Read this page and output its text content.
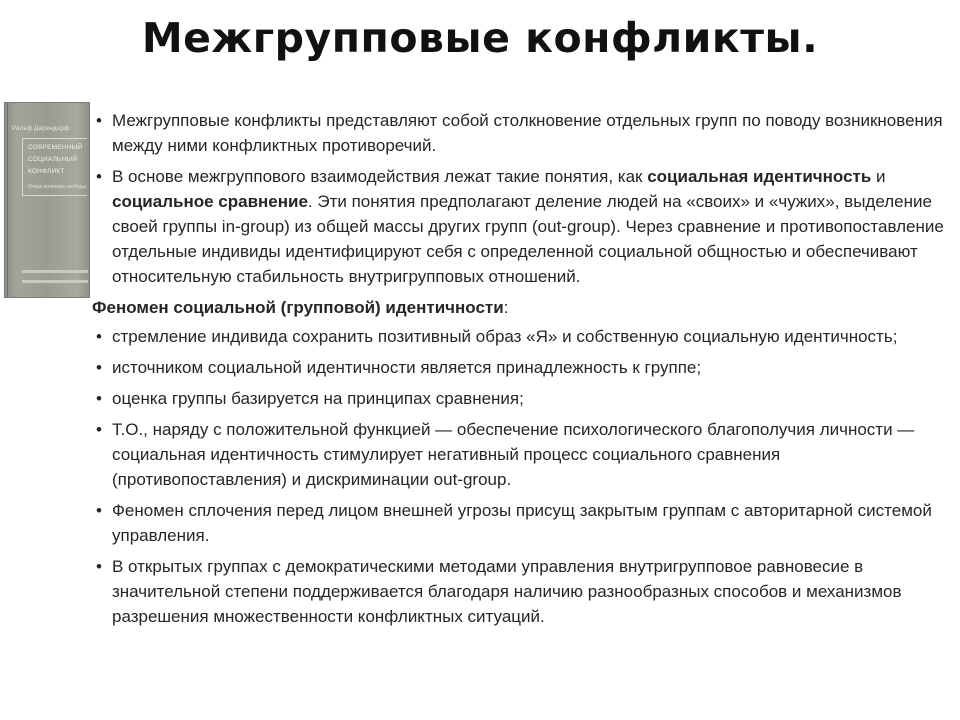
Межгрупповые конфликты.
Ральф Дарендорф
СОВРЕМЕННЫЙ
СОЦИАЛЬНЫЙ
КОНФЛИКТ
Очерк политики свободы

• Межгрупповые конфликты представляют собой столкновение отдельных групп по поводу возникновения между ними конфликтных противоречий.

• В основе межгруппового взаимодействия лежат такие понятия, как социальная идентичность и социальное сравнение. Эти понятия предполагают деление людей на «своих» и «чужих», выделение своей группы in-group) из общей массы других групп (out-group). Через сравнение и противопоставление отдельные индивиды идентифицируют себя с определенной социальной общностью и обеспечивают относительную стабильность внутригрупповых отношений.

Феномен социальной (групповой) идентичности:

• стремление индивида сохранить позитивный образ «Я» и собственную социальную идентичность;

• источником социальной идентичности является принадлежность к группе;

• оценка группы базируется на принципах сравнения;

• Т.О., наряду с положительной функцией — обеспечение психологического благополучия личности — социальная идентичность стимулирует негативный процесс социального сравнения (противопоставления) и дискриминации out-group.

• Феномен сплочения перед лицом внешней угрозы присущ закрытым группам с авторитарной системой управления.

• В открытых группах с демократическими методами управления внутригрупповое равновесие в значительной степени поддерживается благодаря наличию разнообразных способов и механизмов разрешения множественности конфликтных ситуаций.
